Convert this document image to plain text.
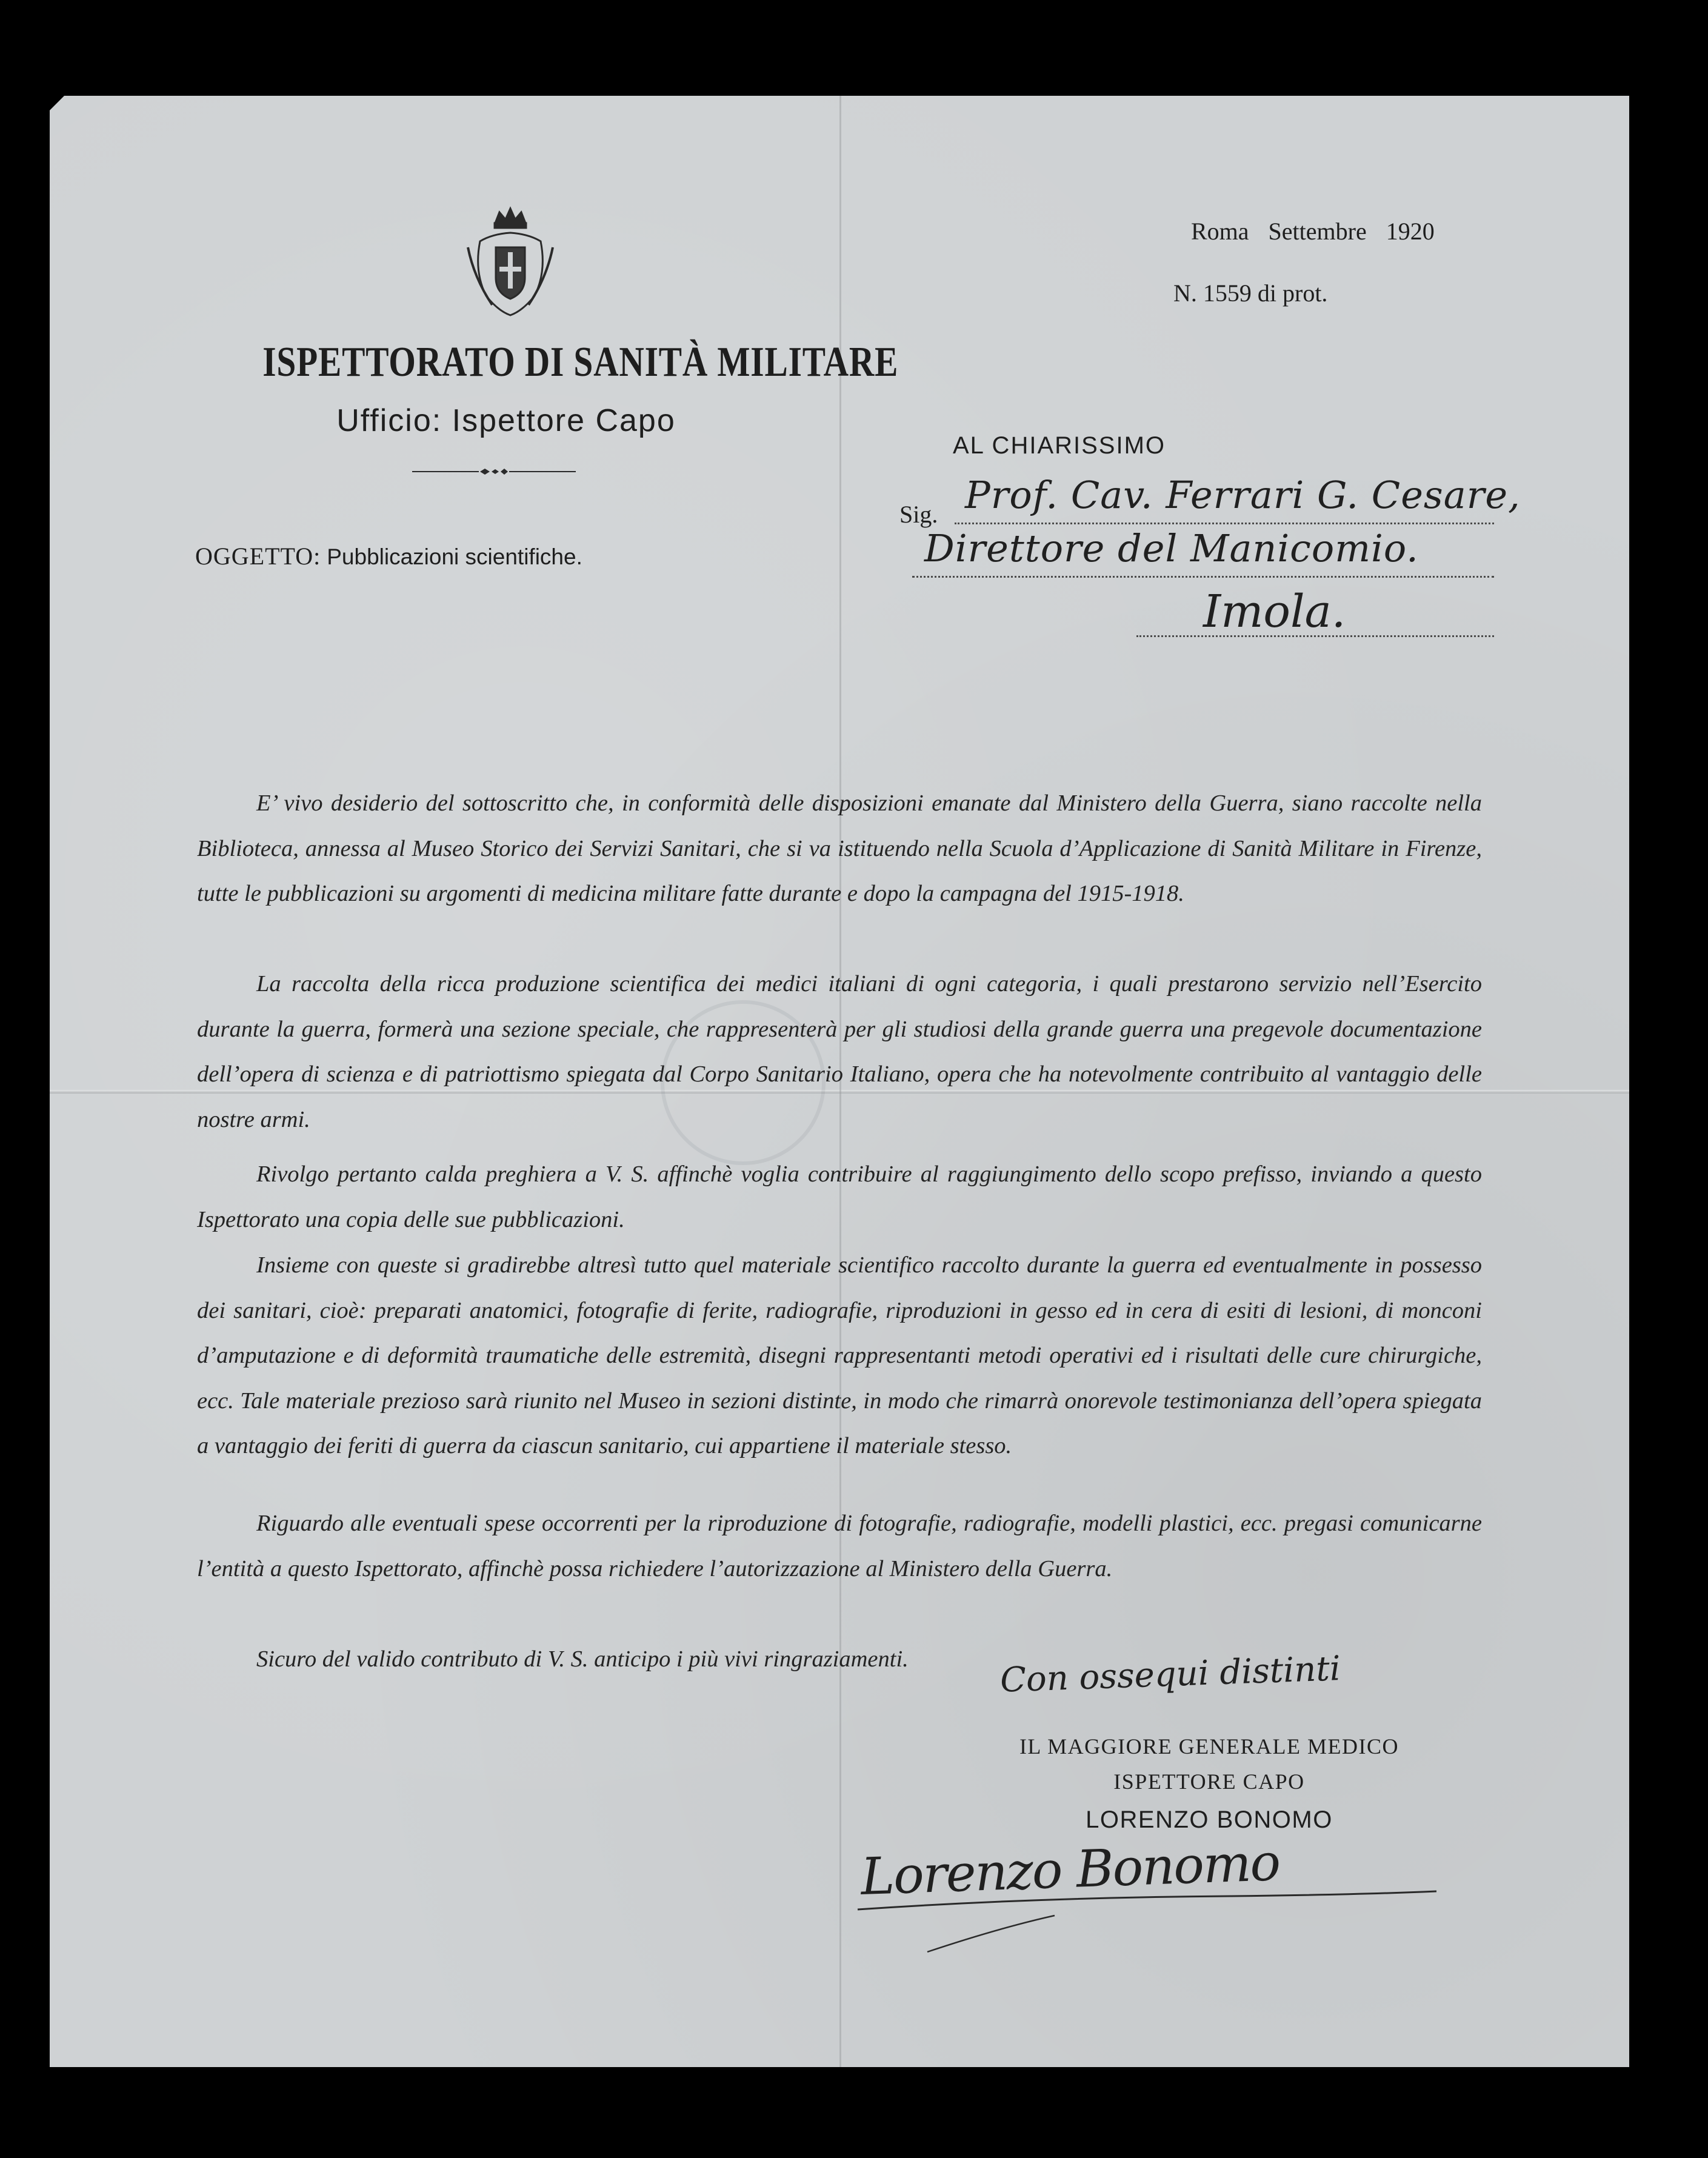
ISPETTORATO DI SANITÀ MILITARE
Ufficio: Ispettore Capo
OGGETTO: Pubblicazioni scientifiche.
Roma Settembre 1920
N. 1559 di prot.
AL CHIARISSIMO
Sig. Prof. Cav. Ferrari G. Cesare,
Direttore del Manicomio.
Imola.
E’ vivo desiderio del sottoscritto che, in conformità delle disposizioni emanate dal Ministero della Guerra, siano raccolte nella Biblioteca, annessa al Museo Storico dei Servizi Sanitari, che si va istituendo nella Scuola d’Applicazione di Sanità Militare in Firenze, tutte le pubblicazioni su argomenti di medicina militare fatte durante e dopo la campagna del 1915-1918.
La raccolta della ricca produzione scientifica dei medici italiani di ogni categoria, i quali prestarono servizio nell’Esercito durante la guerra, formerà una sezione speciale, che rappresenterà per gli studiosi della grande guerra una pregevole documentazione dell’opera di scienza e di patriottismo spiegata dal Corpo Sanitario Italiano, opera che ha notevolmente contribuito al vantaggio delle nostre armi.
Rivolgo pertanto calda preghiera a V. S. affinchè voglia contribuire al raggiungimento dello scopo prefisso, inviando a questo Ispettorato una copia delle sue pubblicazioni.
Insieme con queste si gradirebbe altresì tutto quel materiale scientifico raccolto durante la guerra ed eventualmente in possesso dei sanitari, cioè: preparati anatomici, fotografie di ferite, radiografie, riproduzioni in gesso ed in cera di esiti di lesioni, di monconi d’amputazione e di deformità traumatiche delle estremità, disegni rappresentanti metodi operativi ed i risultati delle cure chirurgiche, ecc. Tale materiale prezioso sarà riunito nel Museo in sezioni distinte, in modo che rimarrà onorevole testimonianza dell’opera spiegata a vantaggio dei feriti di guerra da ciascun sanitario, cui appartiene il materiale stesso.
Riguardo alle eventuali spese occorrenti per la riproduzione di fotografie, radiografie, modelli plastici, ecc. pregasi comunicarne l’entità a questo Ispettorato, affinchè possa richiedere l’autorizzazione al Ministero della Guerra.
Sicuro del valido contributo di V. S. anticipo i più vivi ringraziamenti.	Con ossequi distinti
IL MAGGIORE GENERALE MEDICO
ISPETTORE CAPO
LORENZO BONOMO
Lorenzo Bonomo
